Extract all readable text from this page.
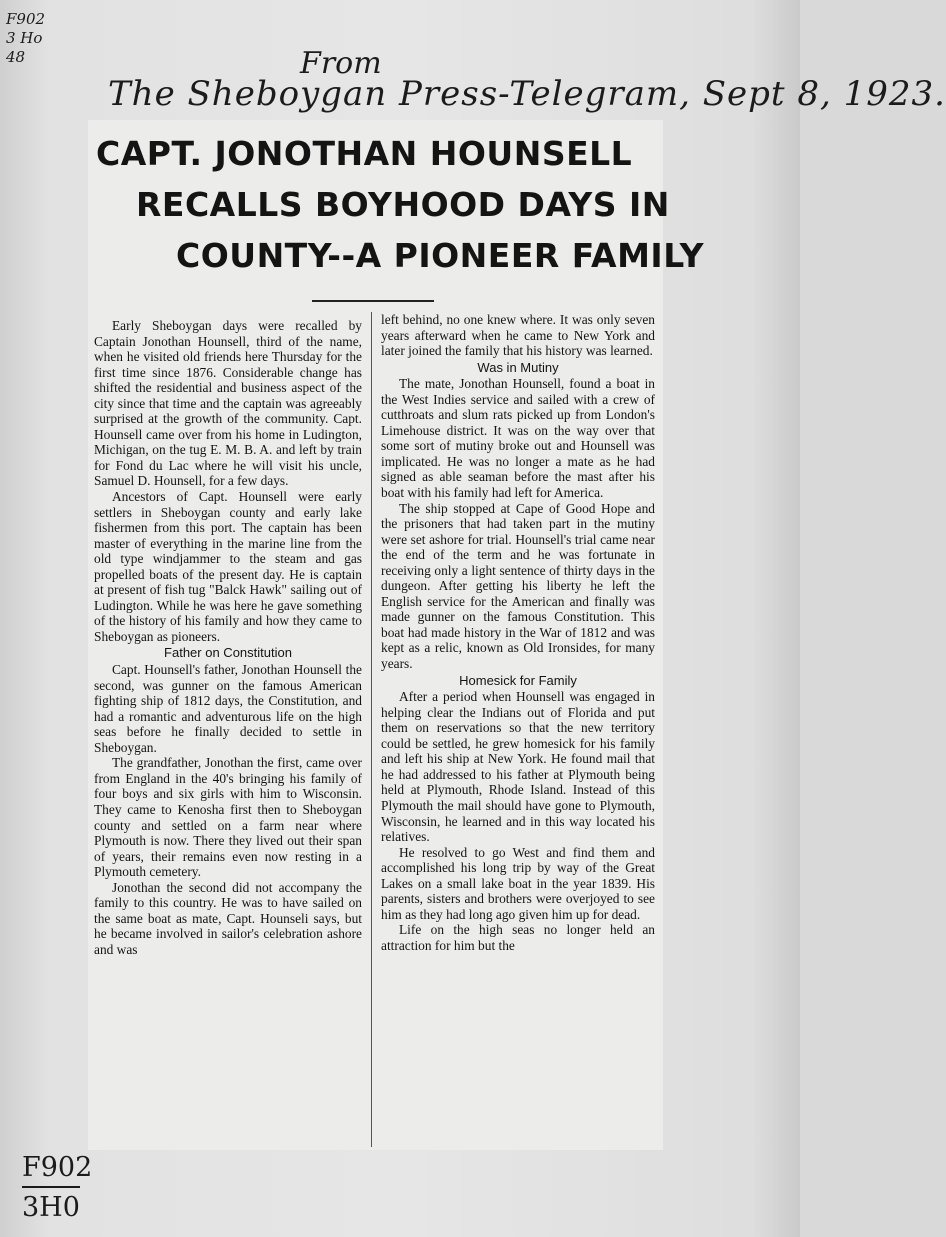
F902
3 Ho
48	From
The Sheboygan Press-Telegram, Sept 8, 1923.
CAPT. JONOTHAN HOUNSELL
RECALLS BOYHOOD DAYS IN
COUNTY--A PIONEER FAMILY

Early Sheboygan days were recalled by Captain Jonothan Hounsell, third of the name, when he visited old friends here Thursday for the first time since 1876. Considerable change has shifted the residential and business aspect of the city since that time and the captain was agreeably surprised at the growth of the community. Capt. Hounsell came over from his home in Ludington, Michigan, on the tug E. M. B. A. and left by train for Fond du Lac where he will visit his uncle, Samuel D. Hounsell, for a few days.

Ancestors of Capt. Hounsell were early settlers in Sheboygan county and early lake fishermen from this port. The captain has been master of everything in the marine line from the old type windjammer to the steam and gas propelled boats of the present day. He is captain at present of fish tug "Balck Hawk" sailing out of Ludington. While he was here he gave something of the history of his family and how they came to Sheboygan as pioneers.

Father on Constitution

Capt. Hounsell's father, Jonothan Hounsell the second, was gunner on the famous American fighting ship of 1812 days, the Constitution, and had a romantic and adventurous life on the high seas before he finally decided to settle in Sheboygan.

The grandfather, Jonothan the first, came over from England in the 40's bringing his family of four boys and six girls with him to Wisconsin. They came to Kenosha first then to Sheboygan county and settled on a farm near where Plymouth is now. There they lived out their span of years, their remains even now resting in a Plymouth cemetery.

Jonothan the second did not accompany the family to this country. He was to have sailed on the same boat as mate, Capt. Hounseli says, but he became involved in sailor's celebration ashore and was

left behind, no one knew where. It was only seven years afterward when he came to New York and later joined the family that his history was learned.

Was in Mutiny

The mate, Jonothan Hounsell, found a boat in the West Indies service and sailed with a crew of cutthroats and slum rats picked up from London's Limehouse district. It was on the way over that some sort of mutiny broke out and Hounsell was implicated. He was no longer a mate as he had signed as able seaman before the mast after his boat with his family had left for America.

The ship stopped at Cape of Good Hope and the prisoners that had taken part in the mutiny were set ashore for trial. Hounsell's trial came near the end of the term and he was fortunate in receiving only a light sentence of thirty days in the dungeon. After getting his liberty he left the English service for the American and finally was made gunner on the famous Constitution. This boat had made history in the War of 1812 and was kept as a relic, known as Old Ironsides, for many years.

Homesick for Family

After a period when Hounsell was engaged in helping clear the Indians out of Florida and put them on reservations so that the new territory could be settled, he grew homesick for his family and left his ship at New York. He found mail that he had addressed to his father at Plymouth being held at Plymouth, Rhode Island. Instead of this Plymouth the mail should have gone to Plymouth, Wisconsin, he learned and in this way located his relatives.

He resolved to go West and find them and accomplished his long trip by way of the Great Lakes on a small lake boat in the year 1839. His parents, sisters and brothers were overjoyed to see him as they had long ago given him up for dead.

Life on the high seas no longer held an attraction for him but the

F902
3H0
